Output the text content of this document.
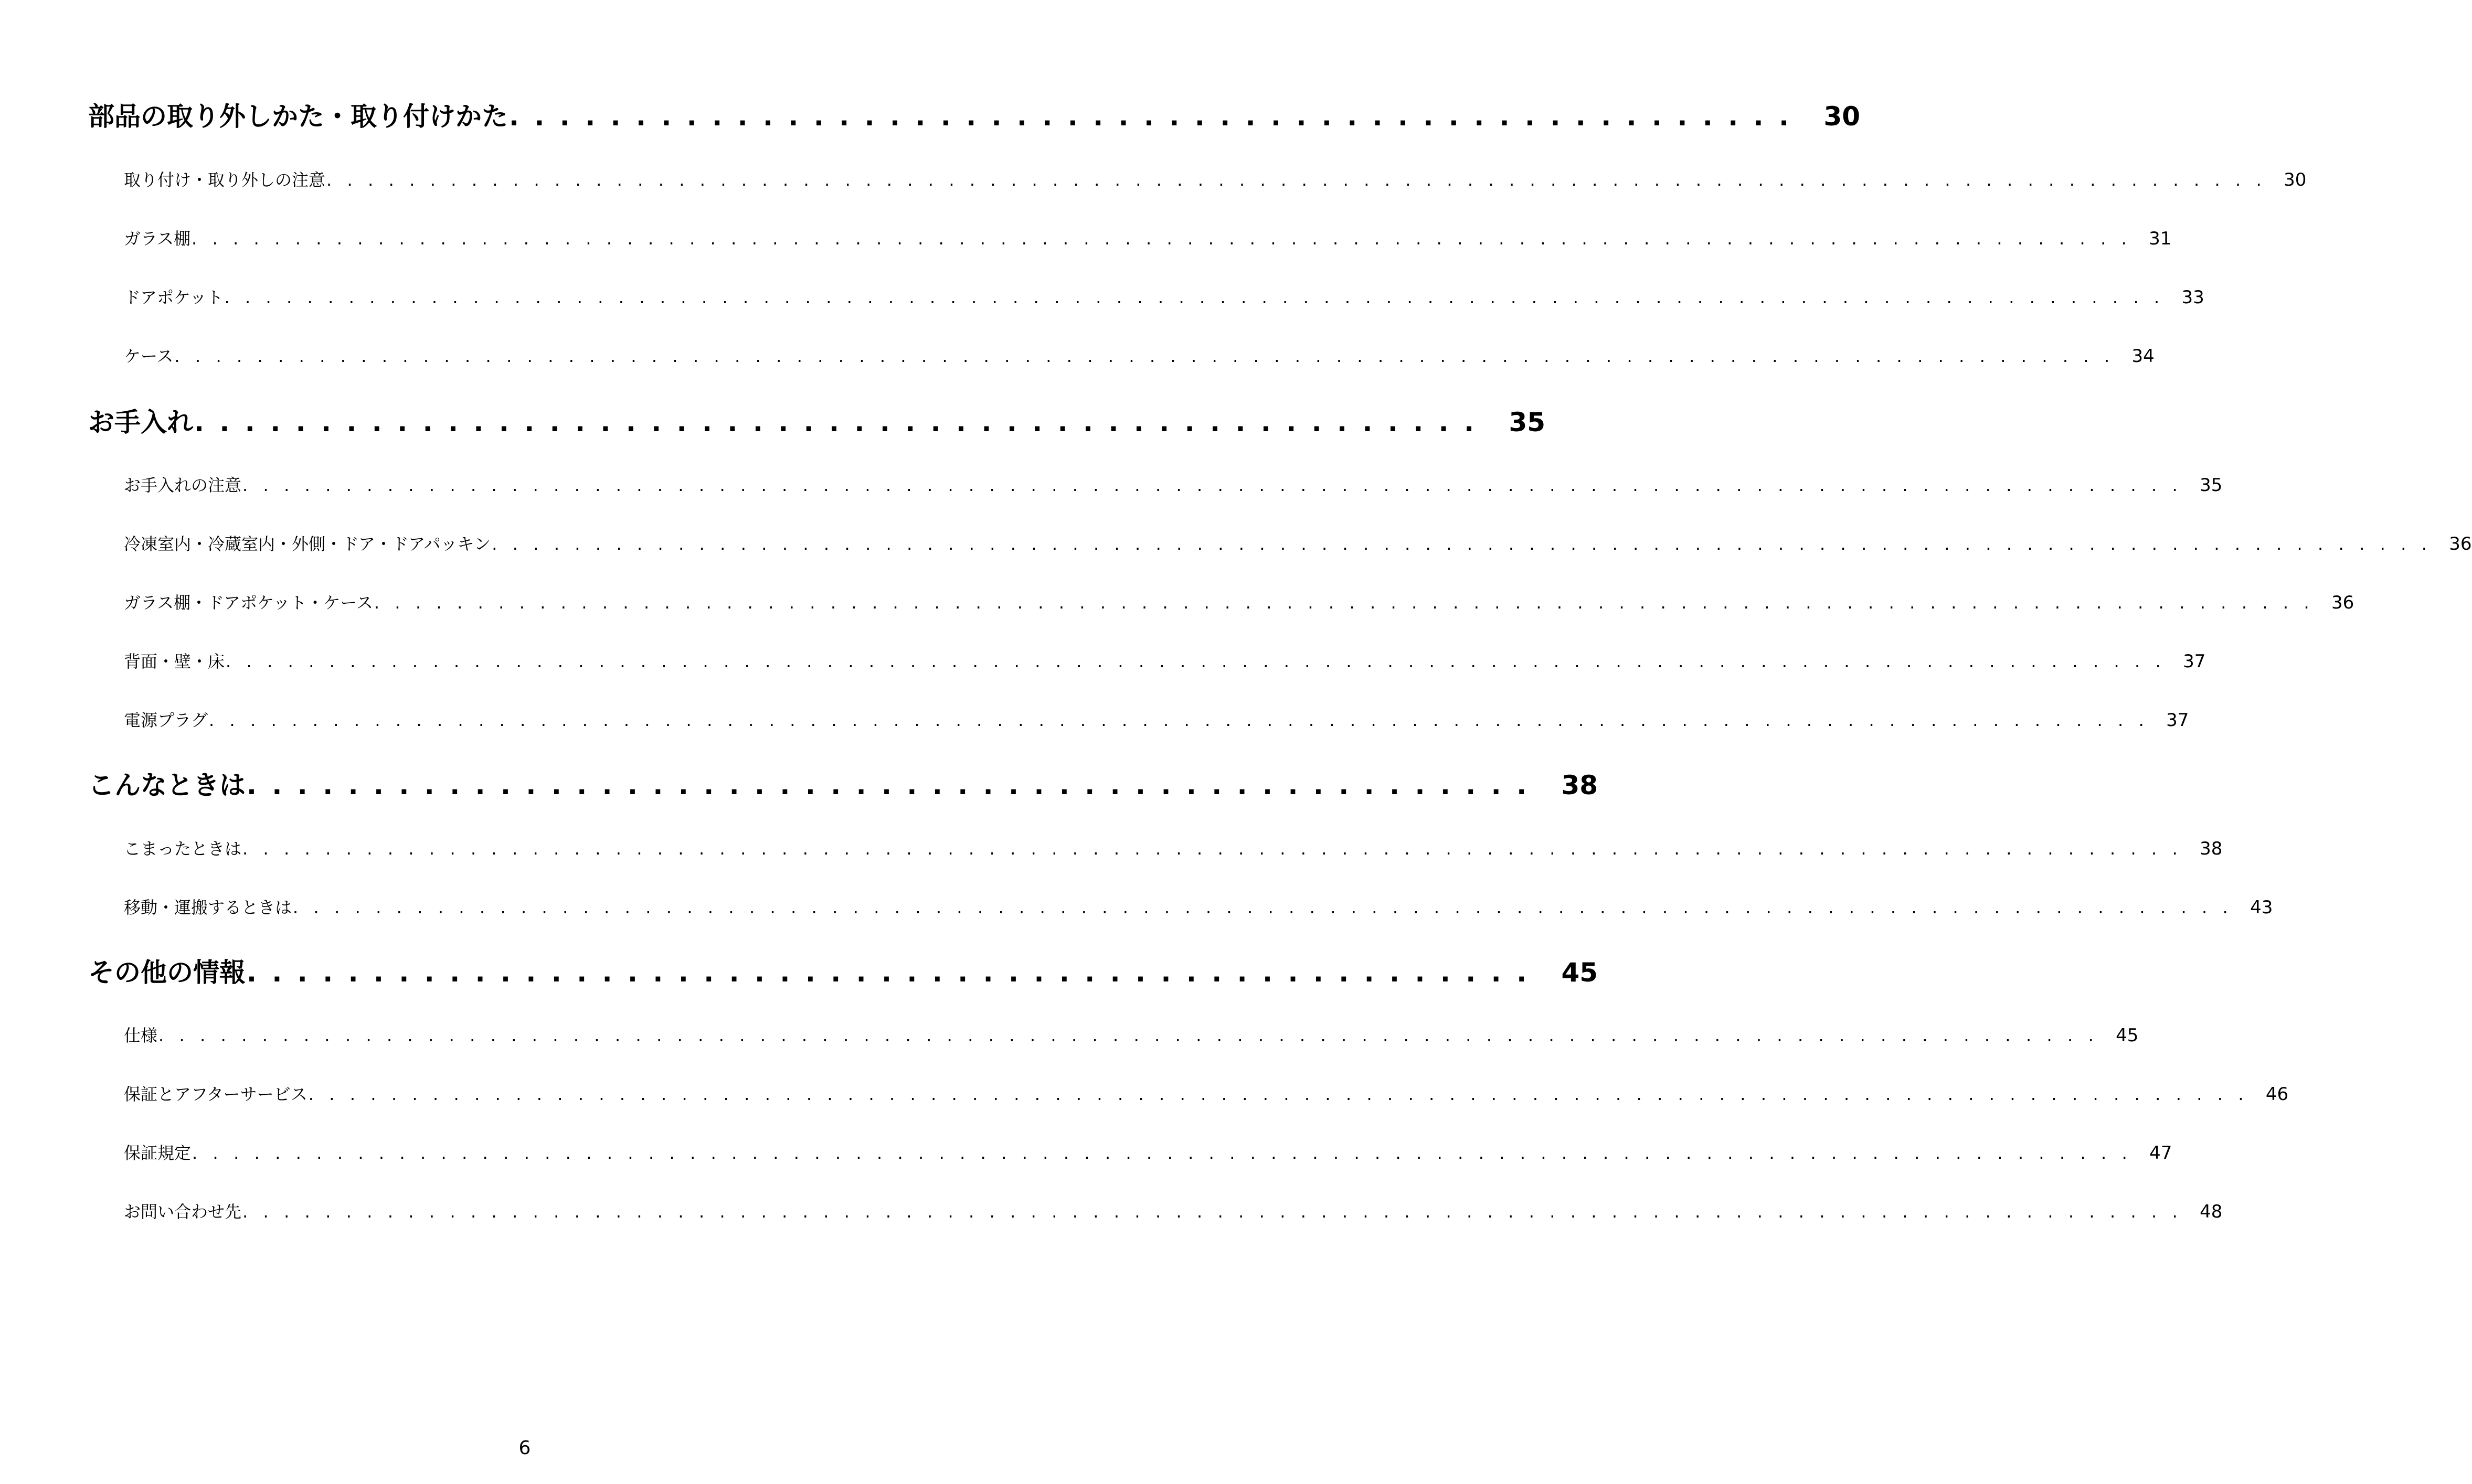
部品の取り外しかた・取り付けかた . . . . . . . . . . . . . . . . . . . . . . . . . . . . . . . . . . . . . . . . . . . . . . . . . . .	30
取り付け・取り外しの注意 . . . . . . . . . . . . . . . . . . . . . . . . . . . . . . . . . . . . . . . . . . . . . . . . . . . . . . . . . . . . . . . . . . . . . . . . . . . . . . . . . . . . . . . . . . . . . . 30
ガラス棚 . . . . . . . . . . . . . . . . . . . . . . . . . . . . . . . . . . . . . . . . . . . . . . . . . . . . . . . . . . . . . . . . . . . . . . . . . . . . . . . . . . . . . . . . . . . . . . 31
ドアポケット . . . . . . . . . . . . . . . . . . . . . . . . . . . . . . . . . . . . . . . . . . . . . . . . . . . . . . . . . . . . . . . . . . . . . . . . . . . . . . . . . . . . . . . . . . . . . . 33
ケース . . . . . . . . . . . . . . . . . . . . . . . . . . . . . . . . . . . . . . . . . . . . . . . . . . . . . . . . . . . . . . . . . . . . . . . . . . . . . . . . . . . . . . . . . . . . . . 34
お手入れ . . . . . . . . . . . . . . . . . . . . . . . . . . . . . . . . . . . . . . . . . . . . . . . . . . .	35
お手入れの注意 . . . . . . . . . . . . . . . . . . . . . . . . . . . . . . . . . . . . . . . . . . . . . . . . . . . . . . . . . . . . . . . . . . . . . . . . . . . . . . . . . . . . . . . . . . . . . . 35
冷凍室内・冷蔵室内・外側・ドア・ドアパッキン . . . . . . . . . . . . . . . . . . . . . . . . . . . . . . . . . . . . . . . . . . . . . . . . . . . . . . . . . . . . . . . . . . . . . . . . . . . . . . . . . . . . . . . . . . . . . . 36
ガラス棚・ドアポケット・ケース . . . . . . . . . . . . . . . . . . . . . . . . . . . . . . . . . . . . . . . . . . . . . . . . . . . . . . . . . . . . . . . . . . . . . . . . . . . . . . . . . . . . . . . . . . . . . . 36
背面・壁・床 . . . . . . . . . . . . . . . . . . . . . . . . . . . . . . . . . . . . . . . . . . . . . . . . . . . . . . . . . . . . . . . . . . . . . . . . . . . . . . . . . . . . . . . . . . . . . . 37
電源プラグ . . . . . . . . . . . . . . . . . . . . . . . . . . . . . . . . . . . . . . . . . . . . . . . . . . . . . . . . . . . . . . . . . . . . . . . . . . . . . . . . . . . . . . . . . . . . . . 37
こんなときは . . . . . . . . . . . . . . . . . . . . . . . . . . . . . . . . . . . . . . . . . . . . . . . . . . .	38
こまったときは . . . . . . . . . . . . . . . . . . . . . . . . . . . . . . . . . . . . . . . . . . . . . . . . . . . . . . . . . . . . . . . . . . . . . . . . . . . . . . . . . . . . . . . . . . . . . . 38
移動・運搬するときは . . . . . . . . . . . . . . . . . . . . . . . . . . . . . . . . . . . . . . . . . . . . . . . . . . . . . . . . . . . . . . . . . . . . . . . . . . . . . . . . . . . . . . . . . . . . . . 43
その他の情報 . . . . . . . . . . . . . . . . . . . . . . . . . . . . . . . . . . . . . . . . . . . . . . . . . . .	45
仕様 . . . . . . . . . . . . . . . . . . . . . . . . . . . . . . . . . . . . . . . . . . . . . . . . . . . . . . . . . . . . . . . . . . . . . . . . . . . . . . . . . . . . . . . . . . . . . . 45
保証とアフターサービス . . . . . . . . . . . . . . . . . . . . . . . . . . . . . . . . . . . . . . . . . . . . . . . . . . . . . . . . . . . . . . . . . . . . . . . . . . . . . . . . . . . . . . . . . . . . . . 46
保証規定 . . . . . . . . . . . . . . . . . . . . . . . . . . . . . . . . . . . . . . . . . . . . . . . . . . . . . . . . . . . . . . . . . . . . . . . . . . . . . . . . . . . . . . . . . . . . . . 47
お問い合わせ先 . . . . . . . . . . . . . . . . . . . . . . . . . . . . . . . . . . . . . . . . . . . . . . . . . . . . . . . . . . . . . . . . . . . . . . . . . . . . . . . . . . . . . . . . . . . . . . 48
6
